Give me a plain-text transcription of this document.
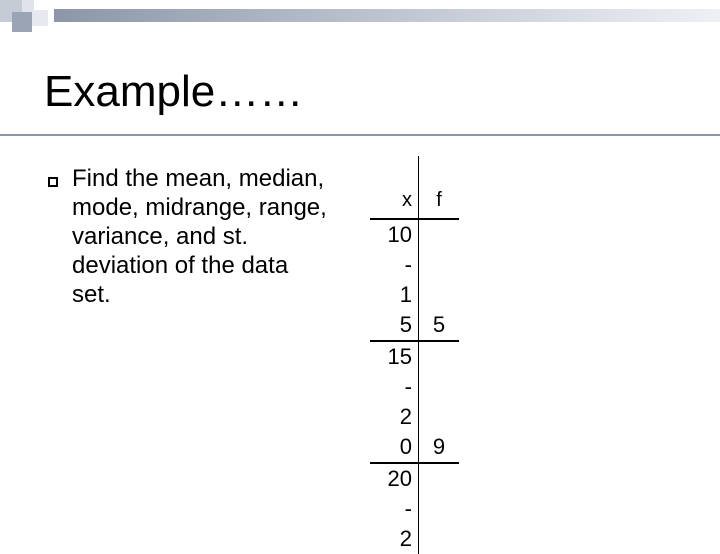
Example……

Find the mean, median, mode, midrange, range, variance, and st. deviation of the data set.

x	f

10
-
1
5	5

15
-
2
0	9

20
-
2	
